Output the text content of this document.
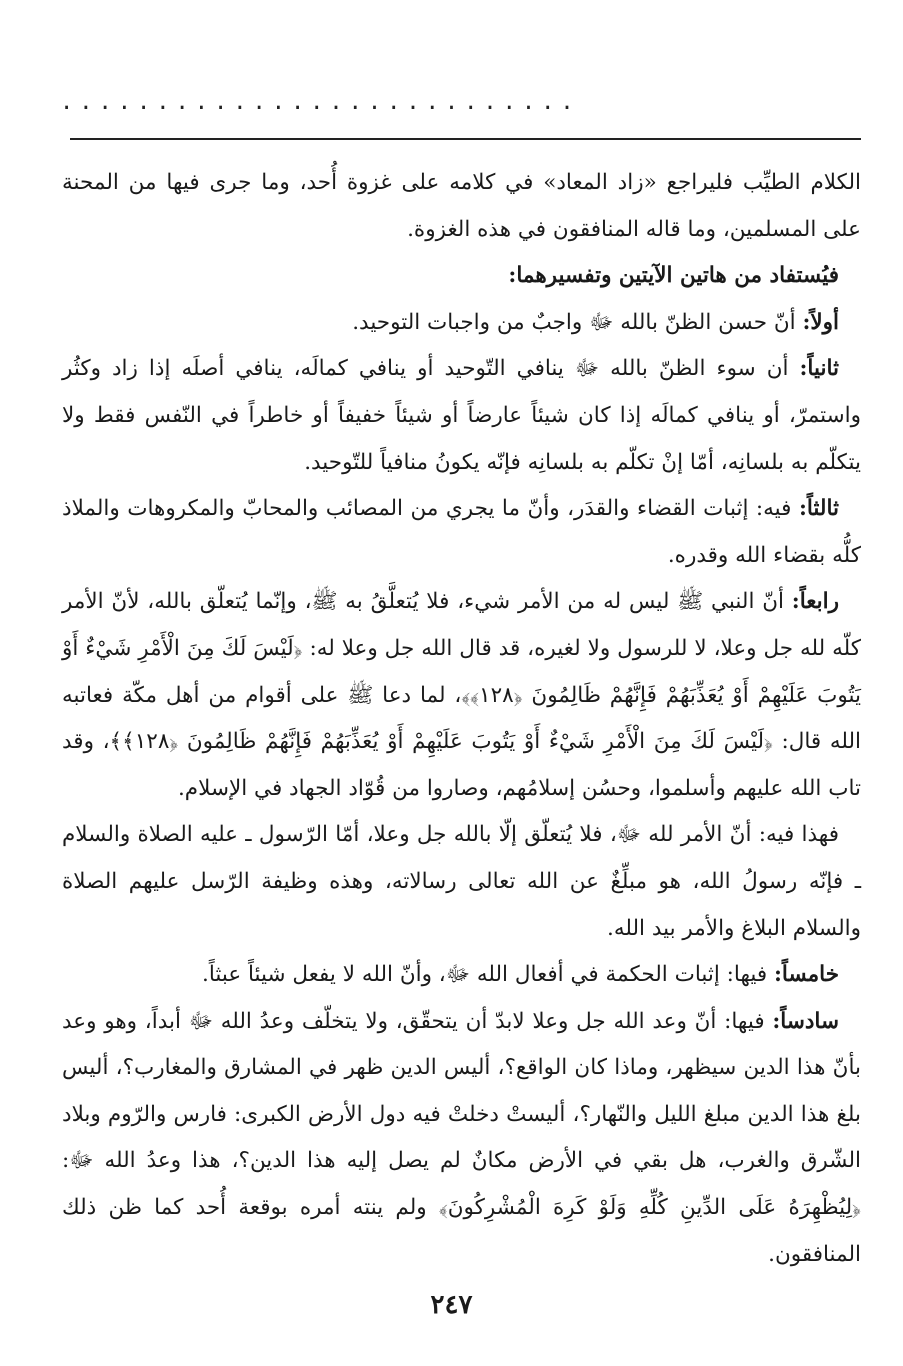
...........................

الكلام الطيِّب فليراجع «زاد المعاد» في كلامه على غزوة أُحد، وما جرى فيها من المحنة على المسلمين، وما قاله المنافقون في هذه الغزوة.

فيُستفاد من هاتين الآيتين وتفسيرهما:

أولاً: أنّ حسن الظنّ بالله ﷻ واجبٌ من واجبات التوحيد.

ثانياً: أن سوء الظنّ بالله ﷻ ينافي التّوحيد أو ينافي كمالَه، ينافي أصلَه إذا زاد وكثُر واستمرّ، أو ينافي كمالَه إذا كان شيئاً عارضاً أو شيئاً خفيفاً أو خاطراً في النّفس فقط ولا يتكلّم به بلسانِه، أمّا إنْ تكلّم به بلسانِه فإنّه يكونُ منافياً للتّوحيد.

ثالثاً: فيه: إثبات القضاء والقدَر، وأنّ ما يجري من المصائب والمحابّ والمكروهات والملاذ كلُّه بقضاء الله وقدره.

رابعاً: أنّ النبي ﷺ ليس له من الأمر شيء، فلا يُتعلَّقُ به ﷺ، وإنّما يُتعلّق بالله، لأنّ الأمر كلّه لله جل وعلا، لا للرسول ولا لغيره، قد قال الله جل وعلا له: ﴿لَيْسَ لَكَ مِنَ الْأَمْرِ شَيْءٌ أَوْ يَتُوبَ عَلَيْهِمْ أَوْ يُعَذِّبَهُمْ فَإِنَّهُمْ ظَالِمُونَ ﴿١٢٨﴾﴾، لما دعا ﷺ على أقوام من أهل مكّة فعاتبه الله قال: ﴿لَيْسَ لَكَ مِنَ الْأَمْرِ شَيْءٌ أَوْ يَتُوبَ عَلَيْهِمْ أَوْ يُعَذِّبَهُمْ فَإِنَّهُمْ ظَالِمُونَ ﴿١٢٨﴾﴾، وقد تاب الله عليهم وأسلموا، وحسُن إسلامُهم، وصاروا من قُوّاد الجهاد في الإسلام.

فهذا فيه: أنّ الأمر لله ﷻ، فلا يُتعلّق إلّا بالله جل وعلا، أمّا الرّسول ـ عليه الصلاة والسلام ـ فإنّه رسولُ الله، هو مبلِّغٌ عن الله تعالى رسالاته، وهذه وظيفة الرّسل عليهم الصلاة والسلام البلاغ والأمر بيد الله.

خامساً: فيها: إثبات الحكمة في أفعال الله ﷻ، وأنّ الله لا يفعل شيئاً عبثاً.

سادساً: فيها: أنّ وعد الله جل وعلا لابدّ أن يتحقّق، ولا يتخلّف وعدُ الله ﷻ أبداً، وهو وعد بأنّ هذا الدين سيظهر، وماذا كان الواقع؟، أليس الدين ظهر في المشارق والمغارب؟، أليس بلغ هذا الدين مبلغ الليل والنّهار؟، أليستْ دخلتْ فيه دول الأرض الكبرى: فارس والرّوم وبلاد الشّرق والغرب، هل بقي في الأرض مكانٌ لم يصل إليه هذا الدين؟، هذا وعدُ الله ﷻ: ﴿لِيُظْهِرَهُ عَلَى الدِّينِ كُلِّهِ وَلَوْ كَرِهَ الْمُشْرِكُونَ﴾ ولم ينته أمره بوقعة أُحد كما ظن ذلك المنافقون.

٢٤٧
